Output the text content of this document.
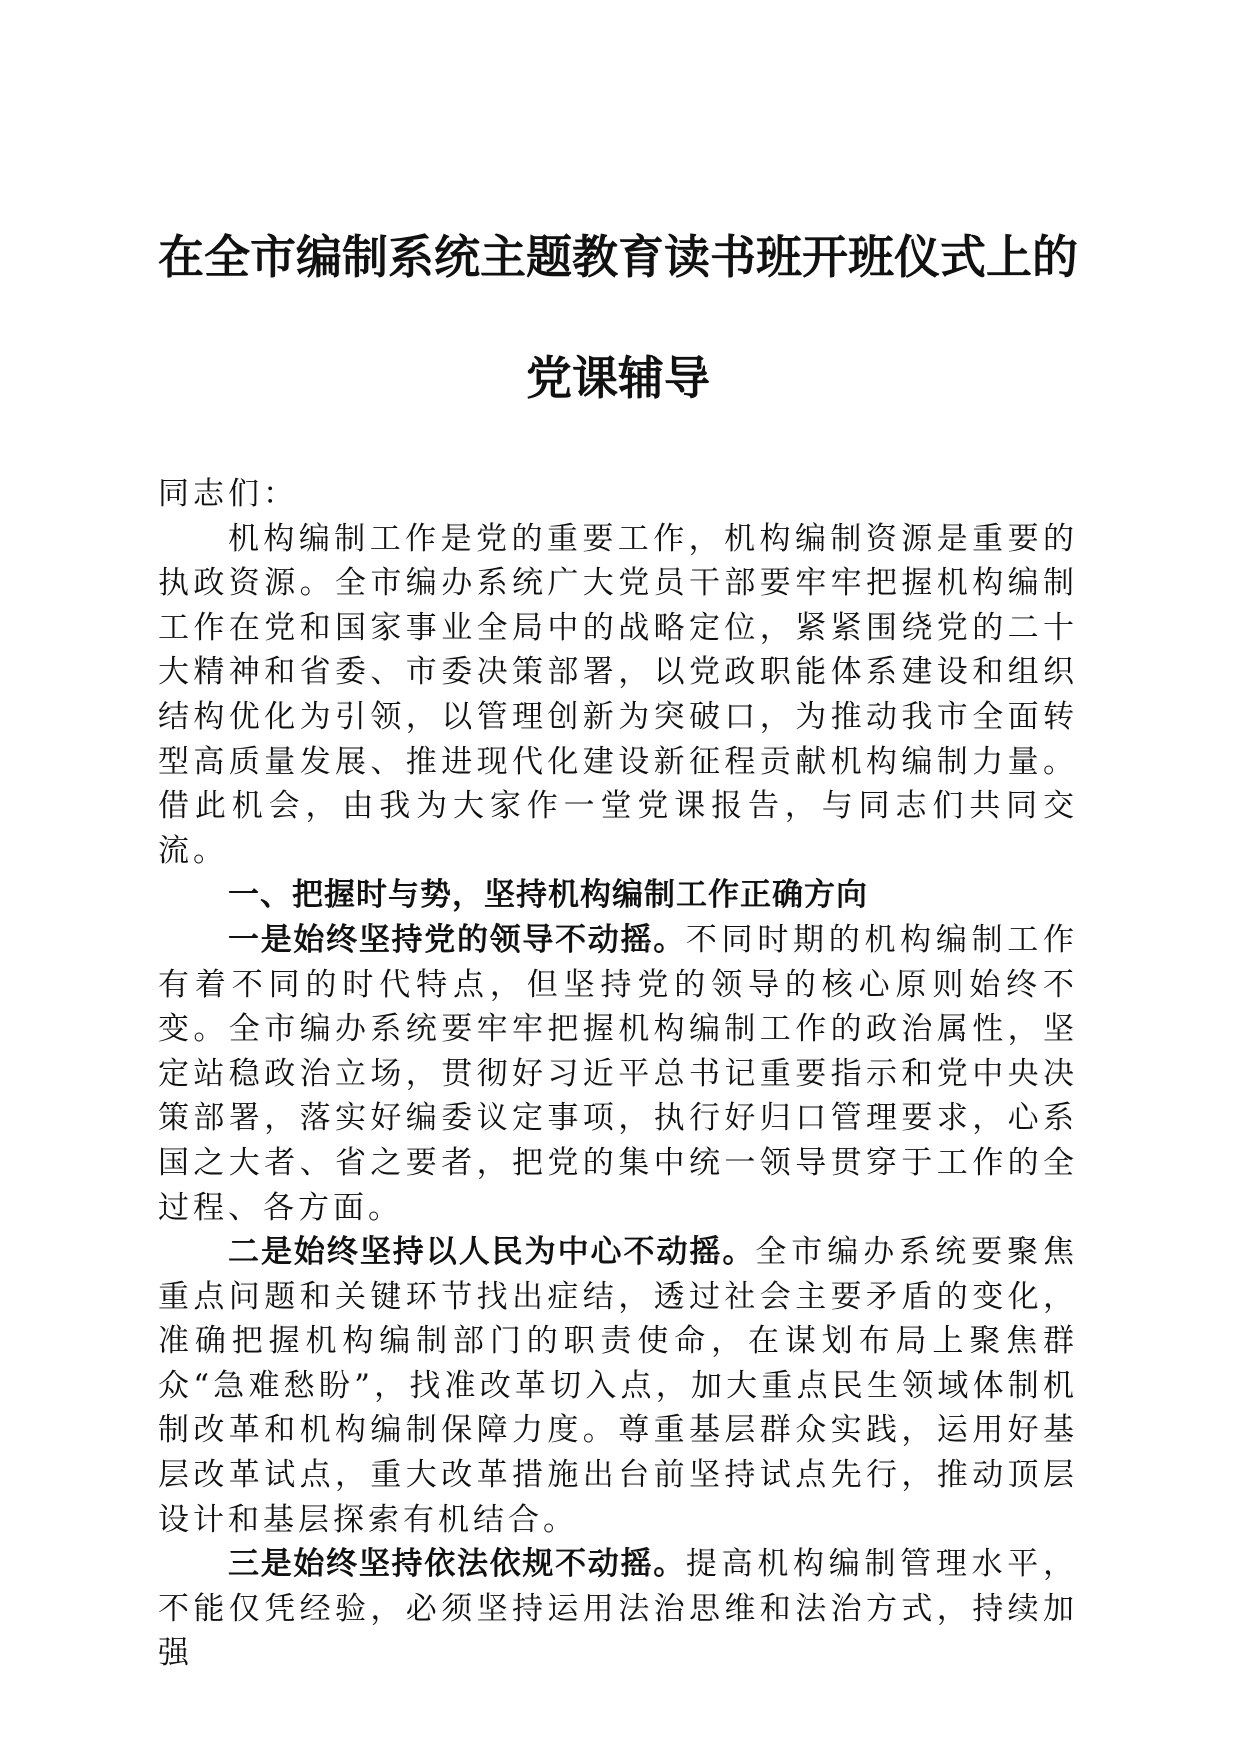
在全市编制系统主题教育读书班开班仪式上的
党课辅导

同志们：

机构编制工作是党的重要工作，机构编制资源是重要的执政资源。全市编办系统广大党员干部要牢牢把握机构编制工作在党和国家事业全局中的战略定位，紧紧围绕党的二十大精神和省委、市委决策部署，以党政职能体系建设和组织结构优化为引领，以管理创新为突破口，为推动我市全面转型高质量发展、推进现代化建设新征程贡献机构编制力量。借此机会，由我为大家作一堂党课报告，与同志们共同交流。

一、把握时与势，坚持机构编制工作正确方向

一是始终坚持党的领导不动摇。不同时期的机构编制工作有着不同的时代特点，但坚持党的领导的核心原则始终不变。全市编办系统要牢牢把握机构编制工作的政治属性，坚定站稳政治立场，贯彻好习近平总书记重要指示和党中央决策部署，落实好编委议定事项，执行好归口管理要求，心系国之大者、省之要者，把党的集中统一领导贯穿于工作的全过程、各方面。

二是始终坚持以人民为中心不动摇。全市编办系统要聚焦重点问题和关键环节找出症结，透过社会主要矛盾的变化，准确把握机构编制部门的职责使命，在谋划布局上聚焦群众“急难愁盼”，找准改革切入点，加大重点民生领域体制机制改革和机构编制保障力度。尊重基层群众实践，运用好基层改革试点，重大改革措施出台前坚持试点先行，推动顶层设计和基层探索有机结合。

三是始终坚持依法依规不动摇。提高机构编制管理水平，不能仅凭经验，必须坚持运用法治思维和法治方式，持续加强
